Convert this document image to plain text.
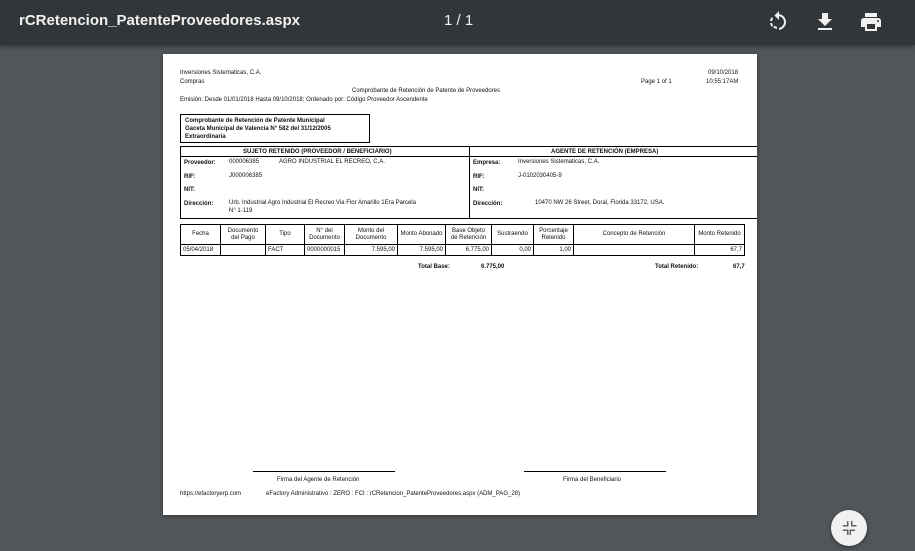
rCRetencion_PatenteProveedores.aspx	1 / 1
Inversiones Sistematicas, C.A.
Compras
09/10/2018
10:55:17AM
Page 1 of 1
Comprobante de Retención de Patente de Proveedores
Emisión: Desde 01/01/2018 Hasta 09/10/2018; Ordenado por: Código Proveedor Ascendente
Comprobante de Retención de Patente Municipal
Gaceta Municipal de Valencia N° 582 del 31/12/2005
Extraordinaria
SUJETO RETENIDO (PROVEEDOR / BENEFICIARIO)
Proveedor: 000006385	AGRO INDUSTRIAL EL RECREO, C.A.
RIF:	J000006385
NIT:
Dirección:	Urb. Industrial Agro Industrial El Recreo Via Flor Amarillo 1Era Parcela
N° 1-119
AGENTE DE RETENCIÓN (EMPRESA)
Empresa:	Inversiones Sistematicas, C.A.
RIF:	J-0102030405-9
NIT:
Dirección:	10470 NW 26 Street, Doral, Florida 33172, USA.
Fecha	Documento del Pago	Tipo	N° del Documento	Monto del Documento	Monto Abonado	Base Objeto de Retención	Sustraendo	Porcentaje Retenido	Concepto de Retención	Monto Retenido
05/04/2018		FACT	0000000015	7.595,00	7.595,00	6.775,00	0,00	1,00		67,7
Total Base:	6.775,00	Total Retenido:	67,7
Firma del Agente de Retención	Firma del Beneficiario
https://efactoryerp.com	eFactory Administrativo : ZERO : FCI : rCRetencion_PatenteProveedores.aspx (ADM_PAG_28)
